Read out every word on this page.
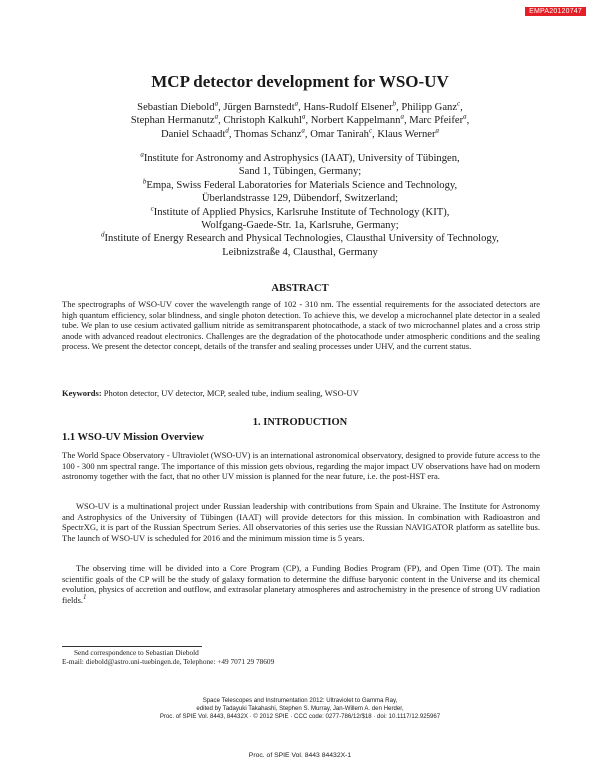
EMPA20120747
MCP detector development for WSO-UV
Sebastian Diebold$^a$, Jürgen Barnstedt$^a$, Hans-Rudolf Elsener$^b$, Philipp Ganz$^c$,
Stephan Hermanutz$^a$, Christoph Kalkuhl$^a$, Norbert Kappelmann$^a$, Marc Pfeifer$^a$,
Daniel Schaadt$^d$, Thomas Schanz$^a$, Omar Tanirah$^c$, Klaus Werner$^a$
$^a$Institute for Astronomy and Astrophysics (IAAT), University of Tübingen,
Sand 1, Tübingen, Germany;
$^b$Empa, Swiss Federal Laboratories for Materials Science and Technology,
Überlandstrasse 129, Dübendorf, Switzerland;
$^c$Institute of Applied Physics, Karlsruhe Institute of Technology (KIT),
Wolfgang-Gaede-Str. 1a, Karlsruhe, Germany;
$^d$Institute of Energy Research and Physical Technologies, Clausthal University of Technology,
Leibnizstraße 4, Clausthal, Germany
ABSTRACT

The spectrographs of WSO-UV cover the wavelength range of 102 - 310 nm. The essential requirements for the associated detectors are high quantum efficiency, solar blindness, and single photon detection. To achieve this, we develop a microchannel plate detector in a sealed tube. We plan to use cesium activated gallium nitride as semitransparent photocathode, a stack of two microchannel plates and a cross strip anode with advanced readout electronics. Challenges are the degradation of the photocathode under atmospheric conditions and the sealing process. We present the detector concept, details of the transfer and sealing processes under UHV, and the current status.

Keywords: Photon detector, UV detector, MCP, sealed tube, indium sealing, WSO-UV

1. INTRODUCTION
1.1 WSO-UV Mission Overview

The World Space Observatory - Ultraviolet (WSO-UV) is an international astronomical observatory, designed to provide future access to the 100 - 300 nm spectral range. The importance of this mission gets obvious, regarding the major impact UV observations have had on modern astronomy together with the fact, that no other UV mission is planned for the near future, i.e. the post-HST era.

WSO-UV is a multinational project under Russian leadership with contributions from Spain and Ukraine. The Institute for Astronomy and Astrophysics of the University of Tübingen (IAAT) will provide detectors for this mission. In combination with Radioastron and SpectrXG, it is part of the Russian Spectrum Series. All observatories of this series use the Russian NAVIGATOR platform as satellite bus. The launch of WSO-UV is scheduled for 2016 and the minimum mission time is 5 years.

The observing time will be divided into a Core Program (CP), a Funding Bodies Program (FP), and Open Time (OT). The main scientific goals of the CP will be the study of galaxy formation to determine the diffuse baryonic content in the Universe and its chemical evolution, physics of accretion and outflow, and extrasolar planetary atmospheres and astrochemistry in the presence of strong UV radiation fields.$^1$

Send correspondence to Sebastian Diebold
E-mail: diebold@astro.uni-tuebingen.de, Telephone: +49 7071 29 78609
Space Telescopes and Instrumentation 2012: Ultraviolet to Gamma Ray,
edited by Tadayuki Takahashi, Stephen S. Murray, Jan-Willem A. den Herder,
Proc. of SPIE Vol. 8443, 84432X · © 2012 SPIE · CCC code: 0277-786/12/$18 · doi: 10.1117/12.925967
Proc. of SPIE Vol. 8443 84432X-1
